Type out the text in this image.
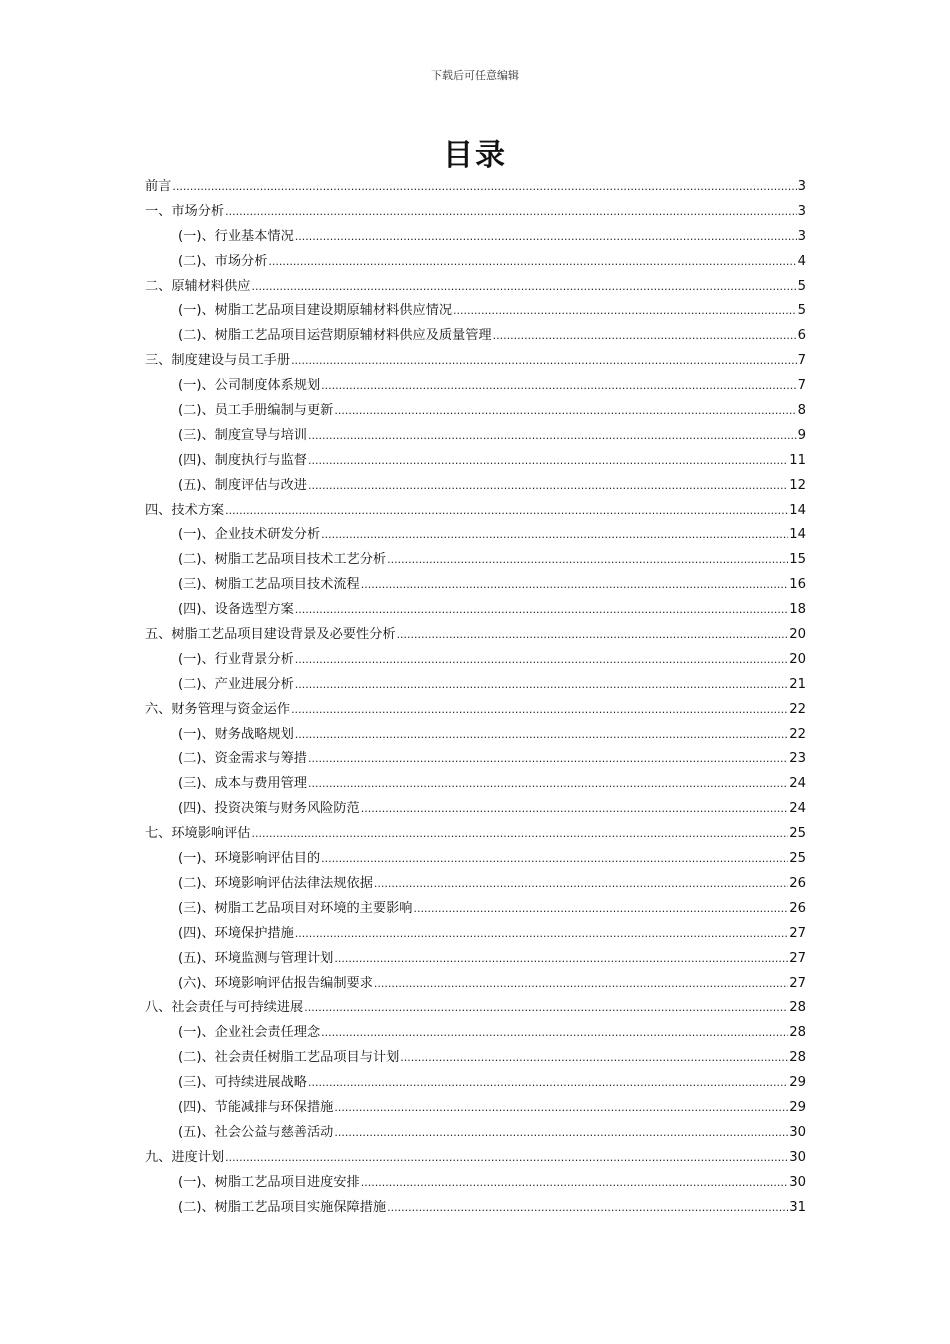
下载后可任意编辑
目录
前言 .....	3
一、市场分析 .....	3
(一)、行业基本情况 .....	3
(二)、市场分析 .....	4
二、原辅材料供应 .....	5
(一)、树脂工艺品项目建设期原辅材料供应情况 .....	5
(二)、树脂工艺品项目运营期原辅材料供应及质量管理 .....	6
三、制度建设与员工手册 .....	7
(一)、公司制度体系规划 .....	7
(二)、员工手册编制与更新 .....	8
(三)、制度宣导与培训 .....	9
(四)、制度执行与监督 .....	11
(五)、制度评估与改进 .....	12
四、技术方案 .....	14
(一)、企业技术研发分析 .....	14
(二)、树脂工艺品项目技术工艺分析 .....	15
(三)、树脂工艺品项目技术流程 .....	16
(四)、设备选型方案 .....	18
五、树脂工艺品项目建设背景及必要性分析 .....	20
(一)、行业背景分析 .....	20
(二)、产业进展分析 .....	21
六、财务管理与资金运作 .....	22
(一)、财务战略规划 .....	22
(二)、资金需求与筹措 .....	23
(三)、成本与费用管理 .....	24
(四)、投资决策与财务风险防范 .....	24
七、环境影响评估 .....	25
(一)、环境影响评估目的 .....	25
(二)、环境影响评估法律法规依据 .....	26
(三)、树脂工艺品项目对环境的主要影响 .....	26
(四)、环境保护措施 .....	27
(五)、环境监测与管理计划 .....	27
(六)、环境影响评估报告编制要求 .....	27
八、社会责任与可持续进展 .....	28
(一)、企业社会责任理念 .....	28
(二)、社会责任树脂工艺品项目与计划 .....	28
(三)、可持续进展战略 .....	29
(四)、节能减排与环保措施 .....	29
(五)、社会公益与慈善活动 .....	30
九、进度计划 .....	30
(一)、树脂工艺品项目进度安排 .....	30
(二)、树脂工艺品项目实施保障措施 .....	31
